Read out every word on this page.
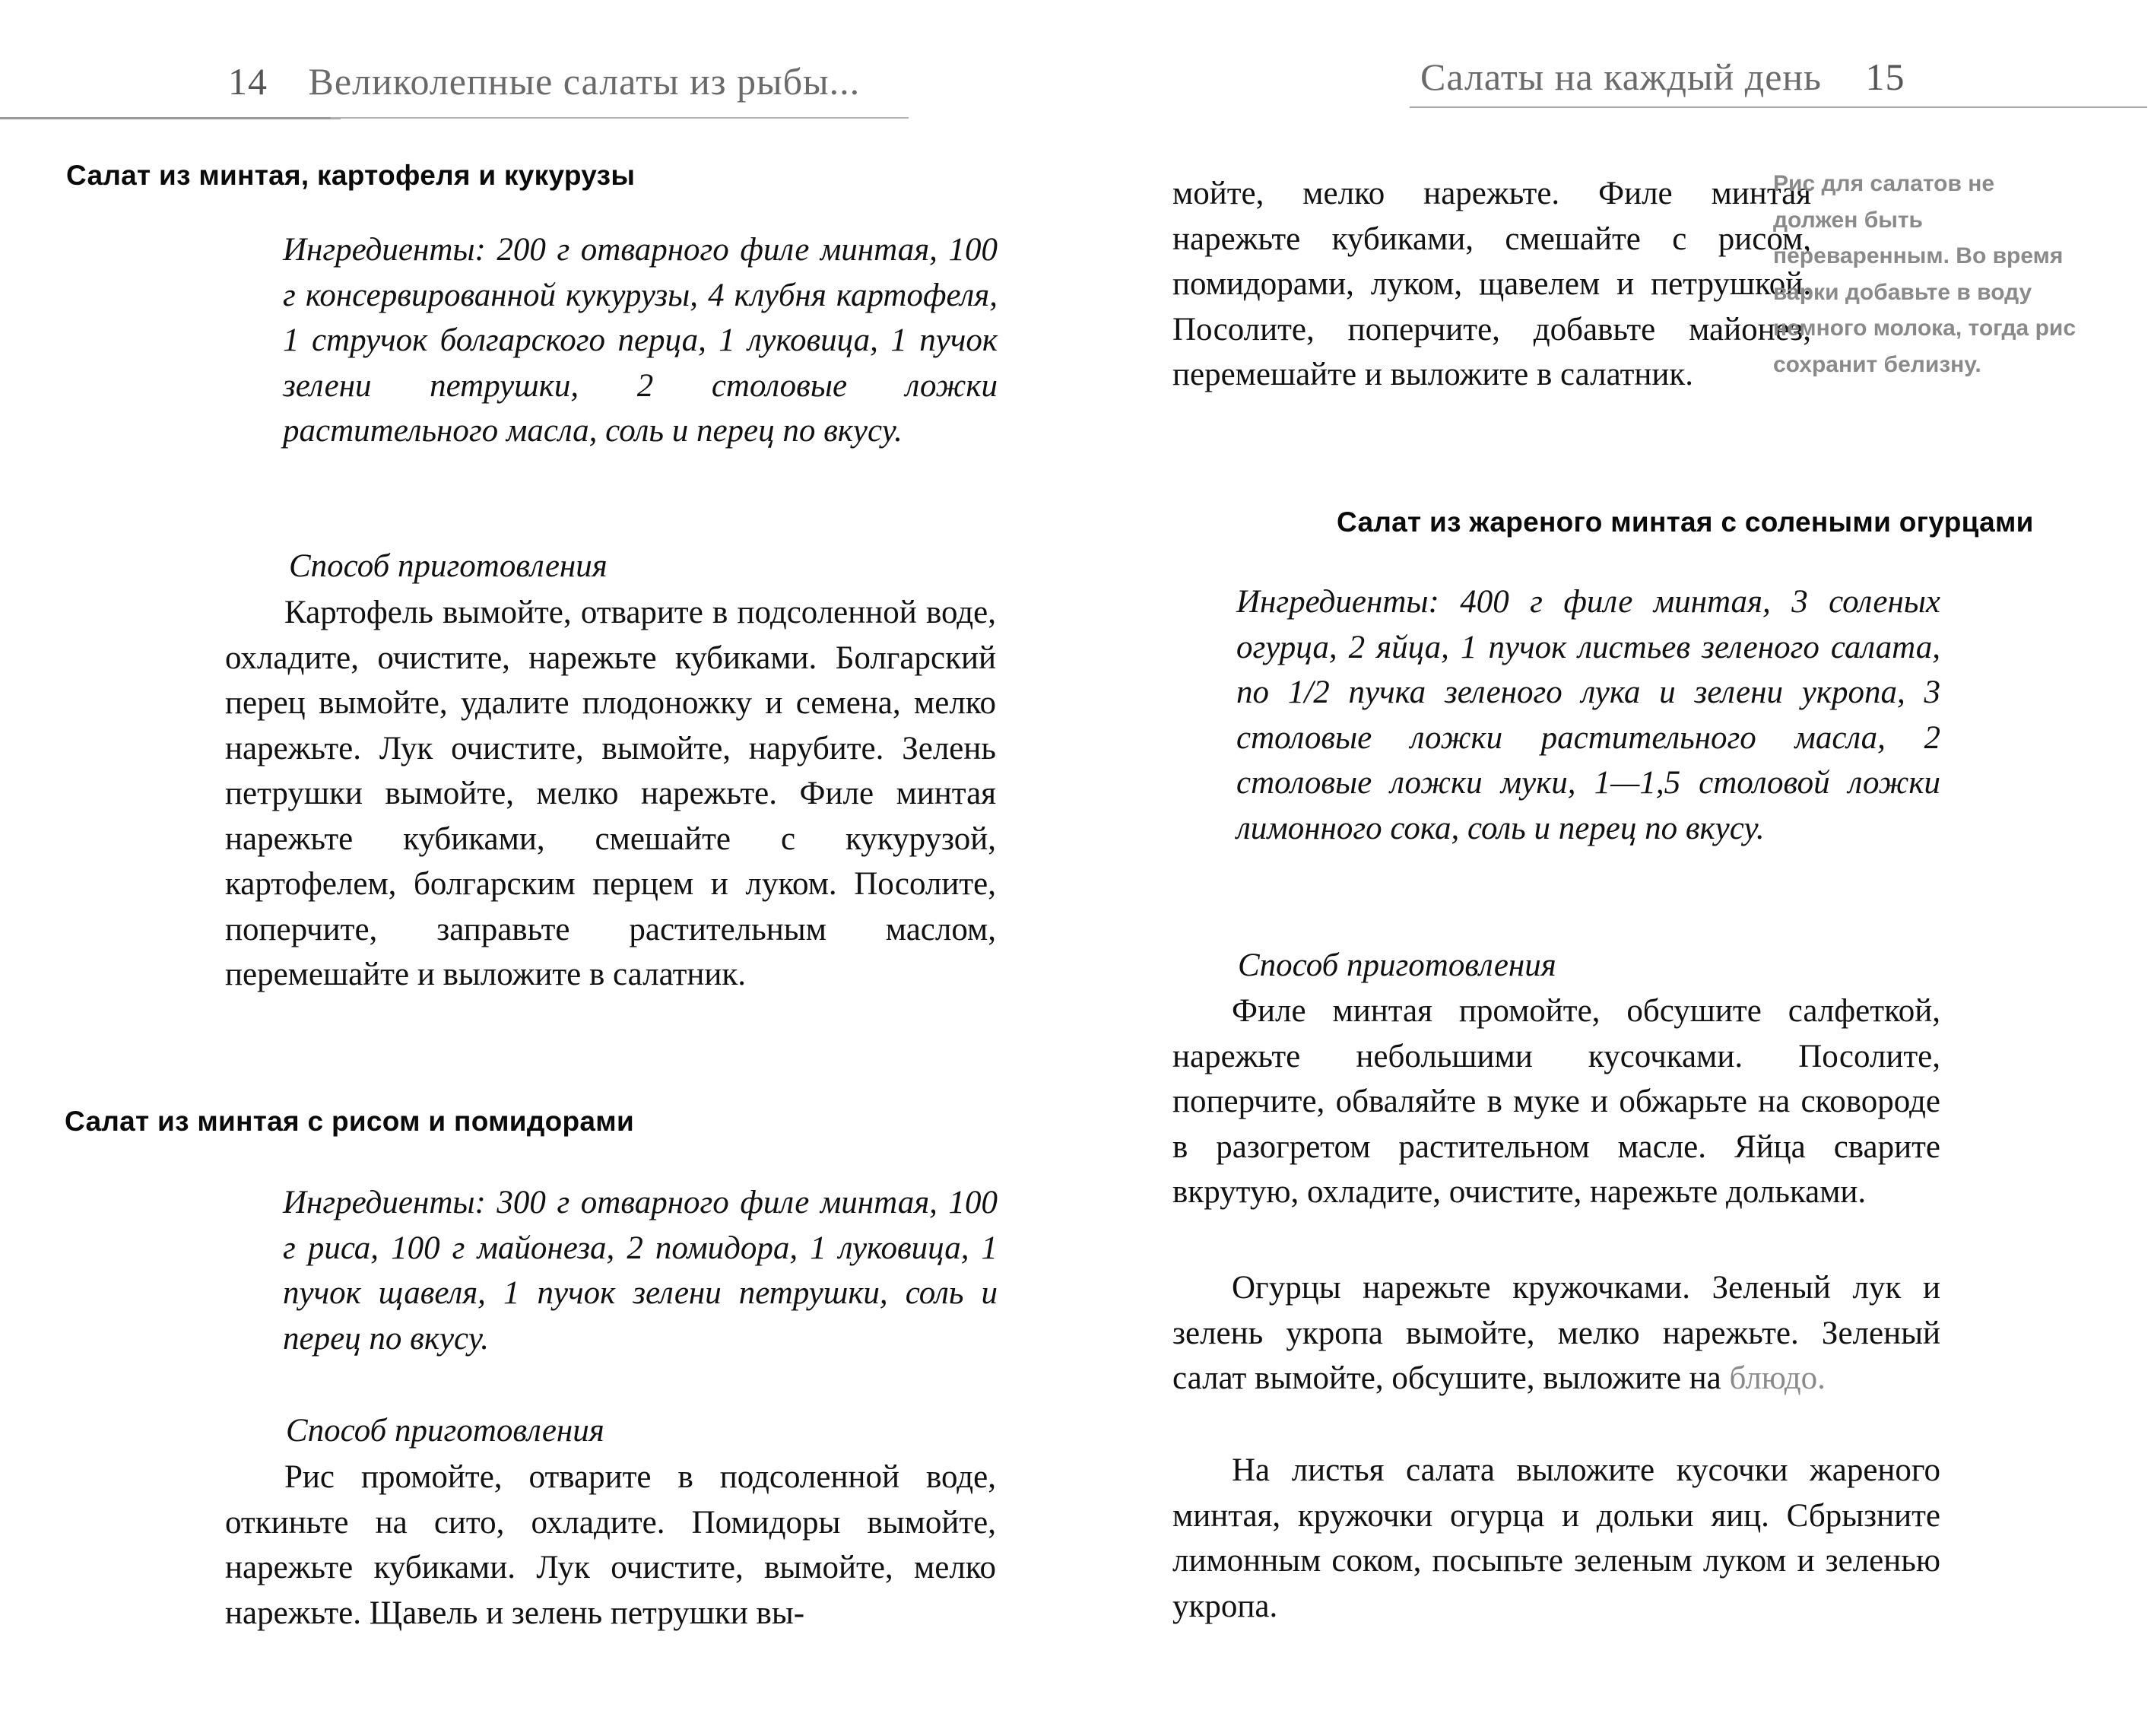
14 Великолепные салаты из рыбы...
Салат из минтая, картофеля и кукурузы

Ингредиенты: 200 г отварного филе минтая, 100 г консервированной кукурузы, 4 клубня картофеля, 1 стручок болгарского перца, 1 луковица, 1 пучок зелени петрушки, 2 столовые ложки растительного масла, соль и перец по вкусу.

Способ приготовления

Картофель вымойте, отварите в подсоленной воде, охладите, очистите, нарежьте кубиками. Болгарский перец вымойте, удалите плодоножку и семена, мелко нарежьте. Лук очистите, вымойте, нарубите. Зелень петрушки вымойте, мелко нарежьте. Филе минтая нарежьте кубиками, смешайте с кукурузой, картофелем, болгарским перцем и луком. Посолите, поперчите, заправьте растительным маслом, перемешайте и выложите в салатник.

Салат из минтая с рисом и помидорами

Ингредиенты: 300 г отварного филе минтая, 100 г риса, 100 г майонеза, 2 помидора, 1 луковица, 1 пучок щавеля, 1 пучок зелени петрушки, соль и перец по вкусу.

Способ приготовления

Рис промойте, отварите в подсоленной воде, откиньте на сито, охладите. Помидоры вымойте, нарежьте кубиками. Лук очистите, вымойте, мелко нарежьте. Щавель и зелень петрушки вы-

Салаты на каждый день 15

мойте, мелко нарежьте. Филе минтая нарежьте кубиками, смешайте с рисом, помидорами, луком, щавелем и петрушкой. Посолите, поперчите, добавьте майонез, перемешайте и выложите в салатник.

Рис для салатов не должен быть переваренным. Во время варки добавьте в воду немного молока, тогда рис сохранит белизну.

Салат из жареного минтая с солеными огурцами

Ингредиенты: 400 г филе минтая, 3 соленых огурца, 2 яйца, 1 пучок листьев зеленого салата, по 1/2 пучка зеленого лука и зелени укропа, 3 столовые ложки растительного масла, 2 столовые ложки муки, 1—1,5 столовой ложки лимонного сока, соль и перец по вкусу.

Способ приготовления

Филе минтая промойте, обсушите салфеткой, нарежьте небольшими кусочками. Посолите, поперчите, обваляйте в муке и обжарьте на сковороде в разогретом растительном масле. Яйца сварите вкрутую, охладите, очистите, нарежьте дольками.

Огурцы нарежьте кружочками. Зеленый лук и зелень укропа вымойте, мелко нарежьте. Зеленый салат вымойте, обсушите, выложите на блюдо.

На листья салата выложите кусочки жареного минтая, кружочки огурца и дольки яиц. Сбрызните лимонным соком, посыпьте зеленым луком и зеленью укропа.
